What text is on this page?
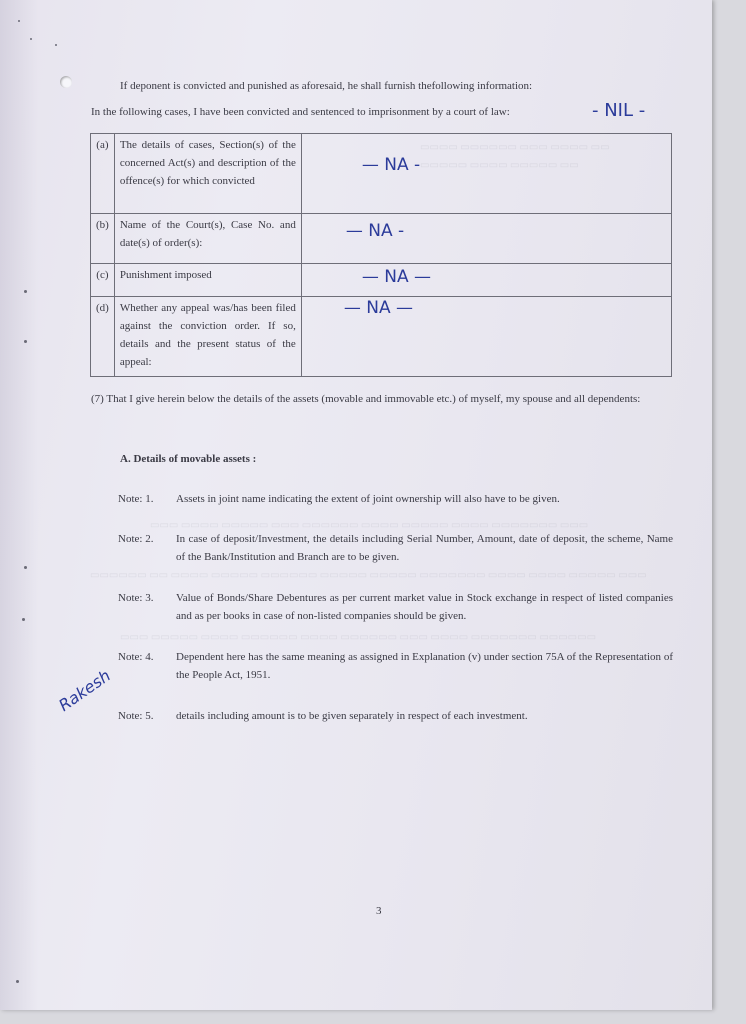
▭▭▭▭ ▭▭▭▭▭▭ ▭▭▭ ▭▭▭▭ ▭▭
▭▭▭▭▭ ▭▭▭▭ ▭▭▭▭▭ ▭▭
▭▭▭ ▭▭▭▭ ▭▭▭▭▭ ▭▭▭ ▭▭▭▭▭▭ ▭▭▭▭ ▭▭▭▭▭ ▭▭▭▭ ▭▭▭▭▭▭▭ ▭▭▭
▭▭▭▭▭▭ ▭▭ ▭▭▭▭ ▭▭▭▭▭ ▭▭▭▭▭▭ ▭▭▭▭▭ ▭▭▭▭▭ ▭▭▭▭▭▭▭ ▭▭▭▭ ▭▭▭▭ ▭▭▭▭▭ ▭▭▭
▭▭▭ ▭▭▭▭▭ ▭▭▭▭ ▭▭▭▭▭▭ ▭▭▭▭ ▭▭▭▭▭▭ ▭▭▭ ▭▭▭▭ ▭▭▭▭▭▭▭ ▭▭▭▭▭▭
If deponent is convicted and punished as aforesaid, he shall furnish thefollowing information:
In the following cases, I have been convicted and sentenced to imprisonment by a court of law:	- NIL -
(a)	The details of cases, Section(s) of the concerned Act(s) and description of the offence(s) for which convicted	— NA -

(b)	Name of the Court(s), Case No. and date(s) of order(s):	— NA -

(c)	Punishment imposed	— NA —

(d)	Whether any appeal was/has been filed against the conviction order. If so, details and the present status of the appeal:	— NA —
(7) That I give herein below the details of the assets (movable and immovable etc.) of myself, my spouse and all dependents:
A. Details of movable assets :
Note: 1. Assets in joint name indicating the extent of joint ownership will also have to be given.
Note: 2. In case of deposit/Investment, the details including Serial Number, Amount, date of deposit, the scheme, Name of the Bank/Institution and Branch are to be given.
Note: 3. Value of Bonds/Share Debentures as per current market value in Stock exchange in respect of listed companies and as per books in case of non-listed companies should be given.
Note: 4. Dependent here has the same meaning as assigned in Explanation (v) under section 75A of the Representation of the People Act, 1951.
Note: 5. details including amount is to be given separately in respect of each investment.
Rakesh
3
